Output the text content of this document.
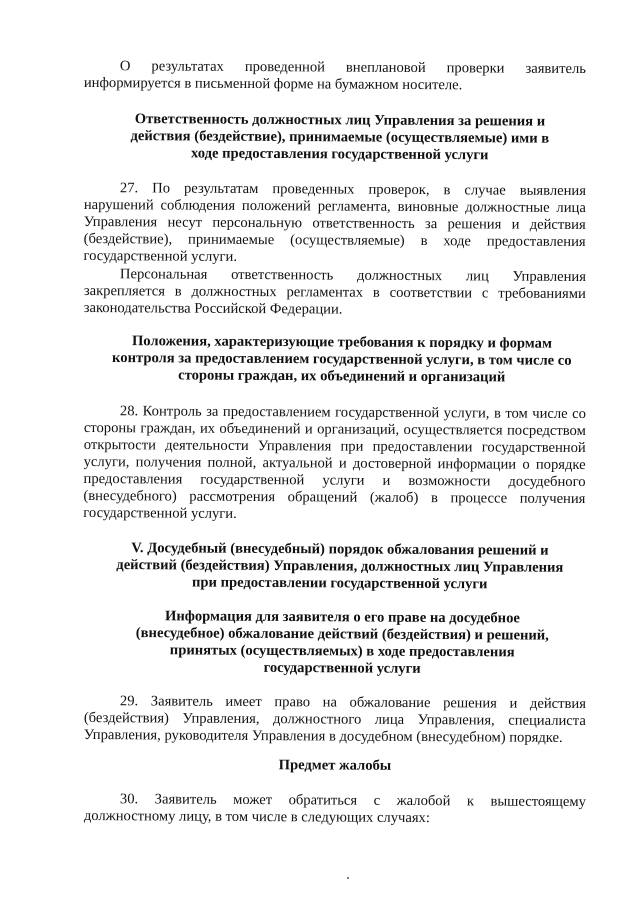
О результатах проведенной внеплановой проверки заявитель информируется в письменной форме на бумажном носителе.

Ответственность должностных лиц Управления за решения и действия (бездействие), принимаемые (осуществляемые) ими в ходе предоставления государственной услуги

27. По результатам проведенных проверок, в случае выявления нарушений соблюдения положений регламента, виновные должностные лица Управления несут персональную ответственность за решения и действия (бездействие), принимаемые (осуществляемые) в ходе предоставления государственной услуги.

Персональная ответственность должностных лиц Управления закрепляется в должностных регламентах в соответствии с требованиями законодательства Российской Федерации.

Положения, характеризующие требования к порядку и формам контроля за предоставлением государственной услуги, в том числе со стороны граждан, их объединений и организаций

28. Контроль за предоставлением государственной услуги, в том числе со стороны граждан, их объединений и организаций, осуществляется посредством открытости деятельности Управления при предоставлении государственной услуги, получения полной, актуальной и достоверной информации о порядке предоставления государственной услуги и возможности досудебного (внесудебного) рассмотрения обращений (жалоб) в процессе получения государственной услуги.

V. Досудебный (внесудебный) порядок обжалования решений и действий (бездействия) Управления, должностных лиц Управления при предоставлении государственной услуги

Информация для заявителя о его праве на досудебное (внесудебное) обжалование действий (бездействия) и решений, принятых (осуществляемых) в ходе предоставления государственной услуги

29. Заявитель имеет право на обжалование решения и действия (бездействия) Управления, должностного лица Управления, специалиста Управления, руководителя Управления в досудебном (внесудебном) порядке.

Предмет жалобы

30. Заявитель может обратиться с жалобой к вышестоящему должностному лицу, в том числе в следующих случаях:
